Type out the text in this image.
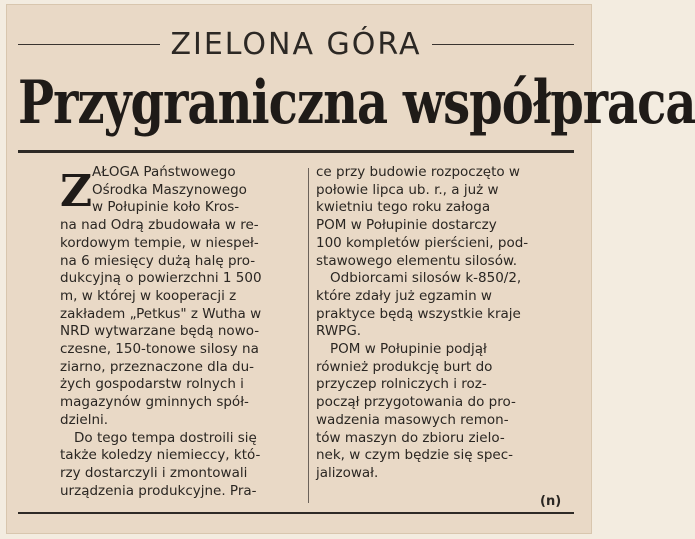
ZIELONA GÓRA
Przygraniczna współpraca
Z AŁOGA Państwowego
Ośrodka Maszynowego
w Połupinie koło Kros-
na nad Odrą zbudowała w re-
kordowym tempie, w niespeł-
na 6 miesięcy dużą halę pro-
dukcyjną o powierzchni 1 500
m, w której w kooperacji z
zakładem „Petkus" z Wutha w
NRD wytwarzane będą nowo-
czesne, 150-tonowe silosy na
ziarno, przeznaczone dla du-
żych gospodarstw rolnych i
magazynów gminnych spół-
dzielni.
Do tego tempa dostroili się
także koledzy niemieccy, któ-
rzy dostarczyli i zmontowali
urządzenia produkcyjne. Pra-
ce przy budowie rozpoczęto w
połowie lipca ub. r., a już w
kwietniu tego roku załoga
POM w Połupinie dostarczy
100 kompletów pierścieni, pod-
stawowego elementu silosów.
Odbiorcami silosów k-850/2,
które zdały już egzamin w
praktyce będą wszystkie kraje
RWPG.
POM w Połupinie podjął
również produkcję burt do
przyczep rolniczych i roz-
począł przygotowania do pro-
wadzenia masowych remon-
tów maszyn do zbioru zielo-
nek, w czym będzie się spec-
jalizował.
(n)
